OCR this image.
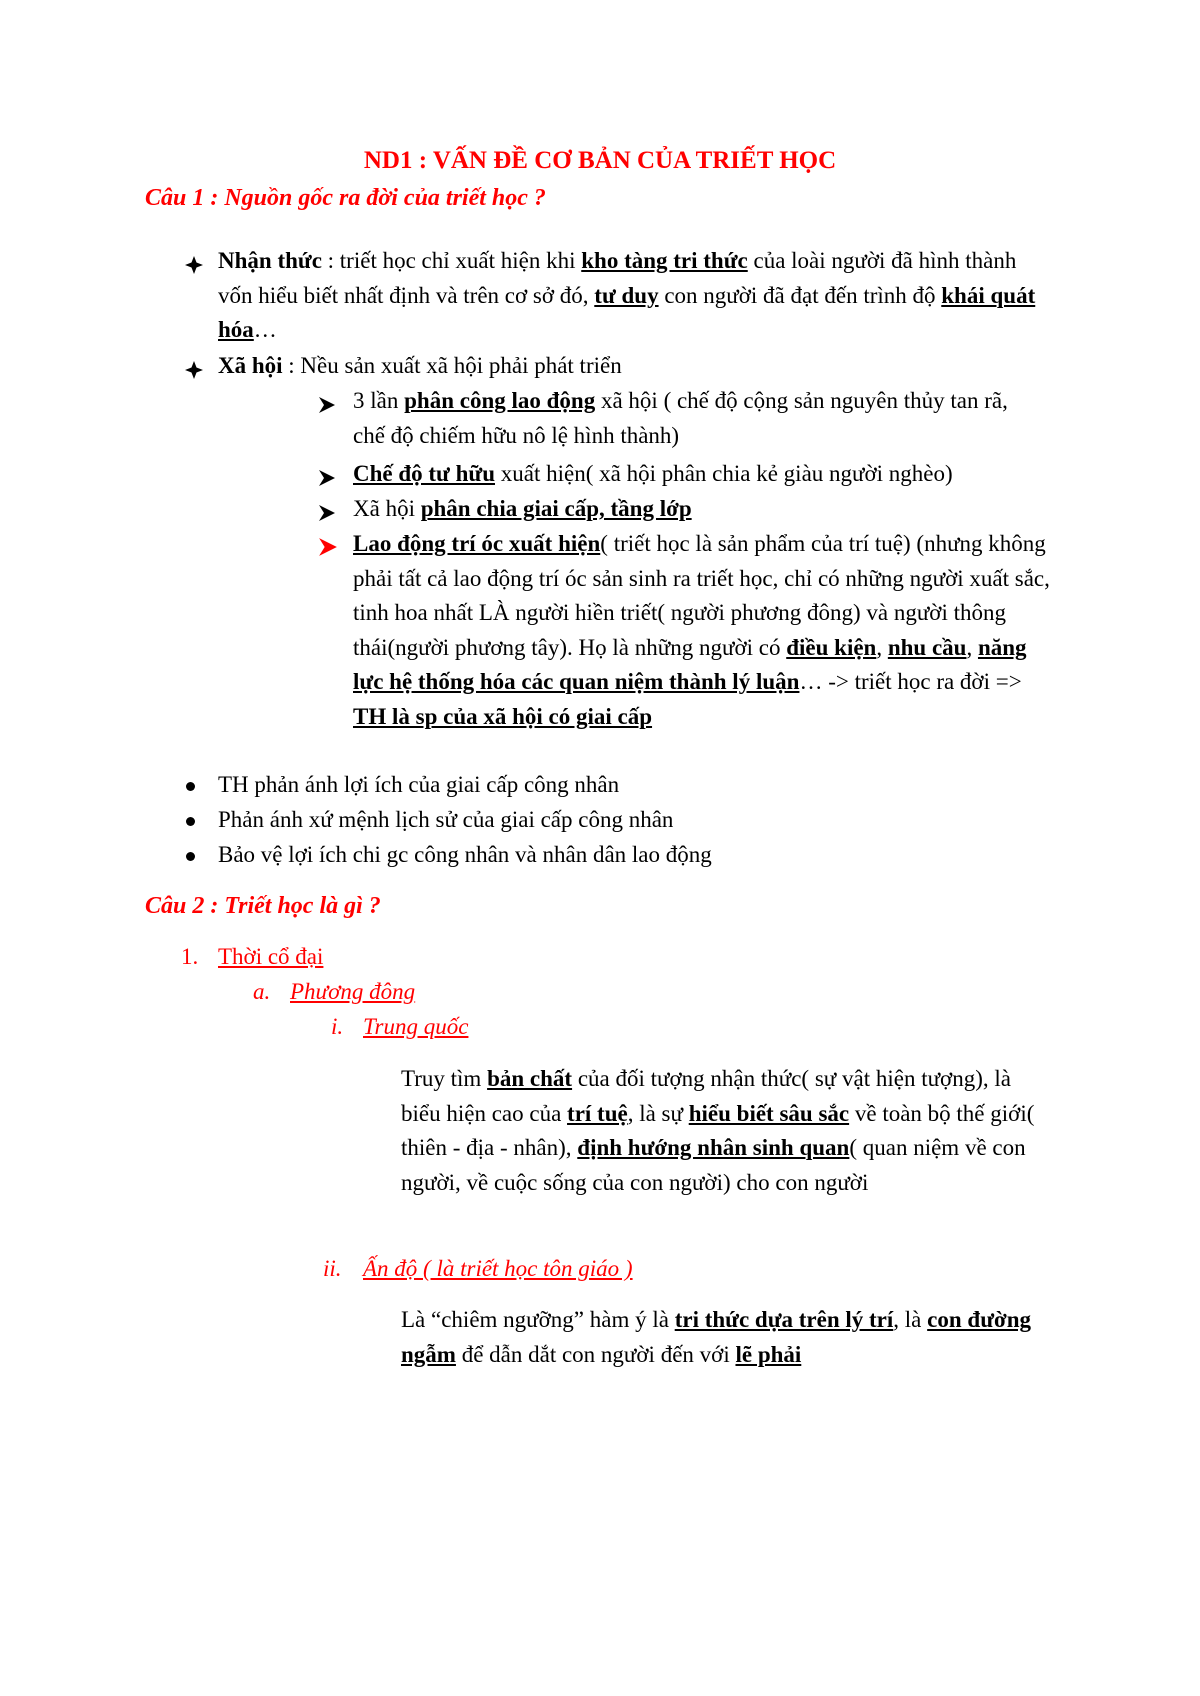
ND1 : VẤN ĐỀ CƠ BẢN CỦA TRIẾT HỌC
Câu 1 : Nguồn gốc ra đời của triết học ?
Nhận thức : triết học chỉ xuất hiện khi kho tàng tri thức của loài người đã hình thành vốn hiểu biết nhất định và trên cơ sở đó, tư duy con người đã đạt đến trình độ khái quát hóa…
Xã hội : Nều sản xuất xã hội phải phát triển
3 lần phân công lao động xã hội ( chế độ cộng sản nguyên thủy tan rã, chế độ chiếm hữu nô lệ hình thành)
Chế độ tư hữu xuất hiện( xã hội phân chia kẻ giàu người nghèo)
Xã hội phân chia giai cấp, tầng lớp
Lao động trí óc xuất hiện( triết học là sản phẩm của trí tuệ) (nhưng không phải tất cả lao động trí óc sản sinh ra triết học, chỉ có những người xuất sắc, tinh hoa nhất LÀ người hiền triết( người phương đông) và người thông thái(người phương tây). Họ là những người có điều kiện, nhu cầu, năng lực hệ thống hóa các quan niệm thành lý luận… -> triết học ra đời => TH là sp của xã hội có giai cấp
TH phản ánh lợi ích của giai cấp công nhân
Phản ánh xứ mệnh lịch sử của giai cấp công nhân
Bảo vệ lợi ích chi gc công nhân và nhân dân lao động
Câu 2 : Triết học là gì ?
1. Thời cổ đại
a. Phương đông
i. Trung quốc
Truy tìm bản chất của đối tượng nhận thức( sự vật hiện tượng), là biểu hiện cao của trí tuệ, là sự hiểu biết sâu sắc về toàn bộ thế giới( thiên - địa - nhân), định hướng nhân sinh quan( quan niệm về con người, về cuộc sống của con người) cho con người
ii. Ấn độ ( là triết học tôn giáo )
Là “chiêm ngưỡng” hàm ý là tri thức dựa trên lý trí, là con đường ngẫm để dẫn dắt con người đến với lẽ phải
